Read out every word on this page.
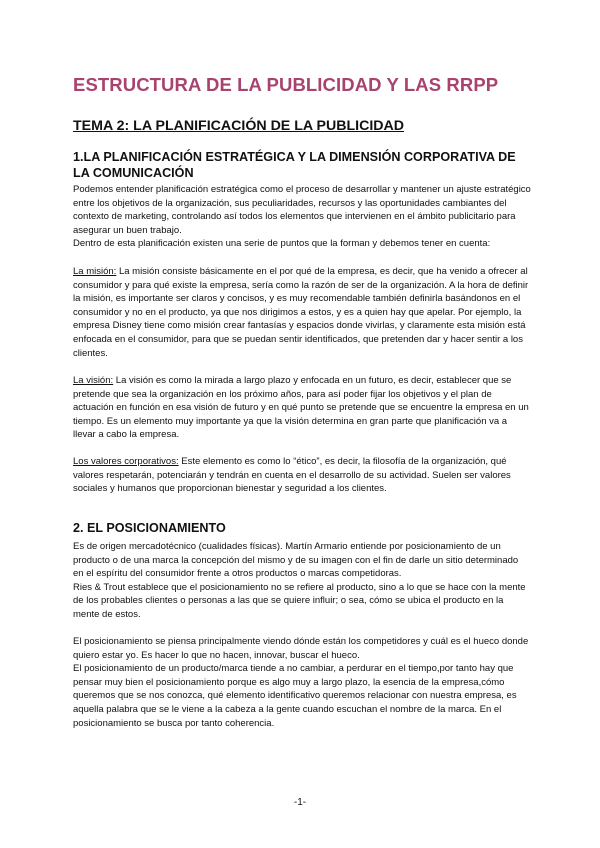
ESTRUCTURA DE LA PUBLICIDAD Y LAS RRPP
TEMA 2: LA PLANIFICACIÓN DE LA PUBLICIDAD
1.LA PLANIFICACIÓN ESTRATÉGICA Y LA DIMENSIÓN CORPORATIVA DE LA COMUNICACIÓN

Podemos entender planificación estratégica como el proceso de desarrollar y mantener un ajuste estratégico entre los objetivos de la organización, sus peculiaridades, recursos y las oportunidades cambiantes del contexto de marketing, controlando así todos los elementos que intervienen en el ámbito publicitario para asegurar un buen trabajo.

Dentro de esta planificación existen una serie de puntos que la forman y debemos tener en cuenta:

La misión: La misión consiste básicamente en el por qué de la empresa, es decir, que ha venido a ofrecer al consumidor y para qué existe la empresa, sería como la razón de ser de la organización. A la hora de definir la misión, es importante ser claros y concisos, y es muy recomendable también definirla basándonos en el consumidor y no en el producto, ya que nos dirigimos a estos, y es a quien hay que apelar. Por ejemplo, la empresa Disney tiene como misión crear fantasías y espacios donde vivirlas, y claramente esta misión está enfocada en el consumidor, para que se puedan sentir identificados, que pretenden dar y hacer sentir a los clientes.

La visión: La visión es como la mirada a largo plazo y enfocada en un futuro, es decir, establecer que se pretende que sea la organización en los próximo años, para así poder fijar los objetivos y el plan de actuación en función en esa visión de futuro y en qué punto se pretende que se encuentre la empresa en un tiempo. Es un elemento muy importante ya que la visión determina en gran parte que planificación va a llevar a cabo la empresa.

Los valores corporativos: Este elemento es como lo “ético”, es decir, la filosofía de la organización, qué valores respetarán, potenciarán y tendrán en cuenta en el desarrollo de su actividad. Suelen ser valores sociales y humanos que proporcionan bienestar y seguridad a los clientes.

2. EL POSICIONAMIENTO

Es de origen mercadotécnico (cualidades físicas). Martín Armario entiende por posicionamiento de un producto o de una marca la concepción del mismo y de su imagen con el fin de darle un sitio determinado en el espíritu del consumidor frente a otros productos o marcas competidoras.

Ries & Trout establece que el posicionamiento no se refiere al producto, sino a lo que se hace con la mente de los probables clientes o personas a las que se quiere influir; o sea, cómo se ubica el producto en la mente de estos.

El posicionamiento se piensa principalmente viendo dónde están los competidores y cuál es el hueco donde quiero estar yo. Es hacer lo que no hacen, innovar, buscar el hueco.

El posicionamiento de un producto/marca tiende a no cambiar, a perdurar en el tiempo,por tanto hay que pensar muy bien el posicionamiento porque es algo muy a largo plazo, la esencia de la empresa,cómo queremos que se nos conozca, qué elemento identificativo queremos relacionar con nuestra empresa, es aquella palabra que se le viene a la cabeza a la gente cuando escuchan el nombre de la marca. En el posicionamiento se busca por tanto coherencia.

-1-
